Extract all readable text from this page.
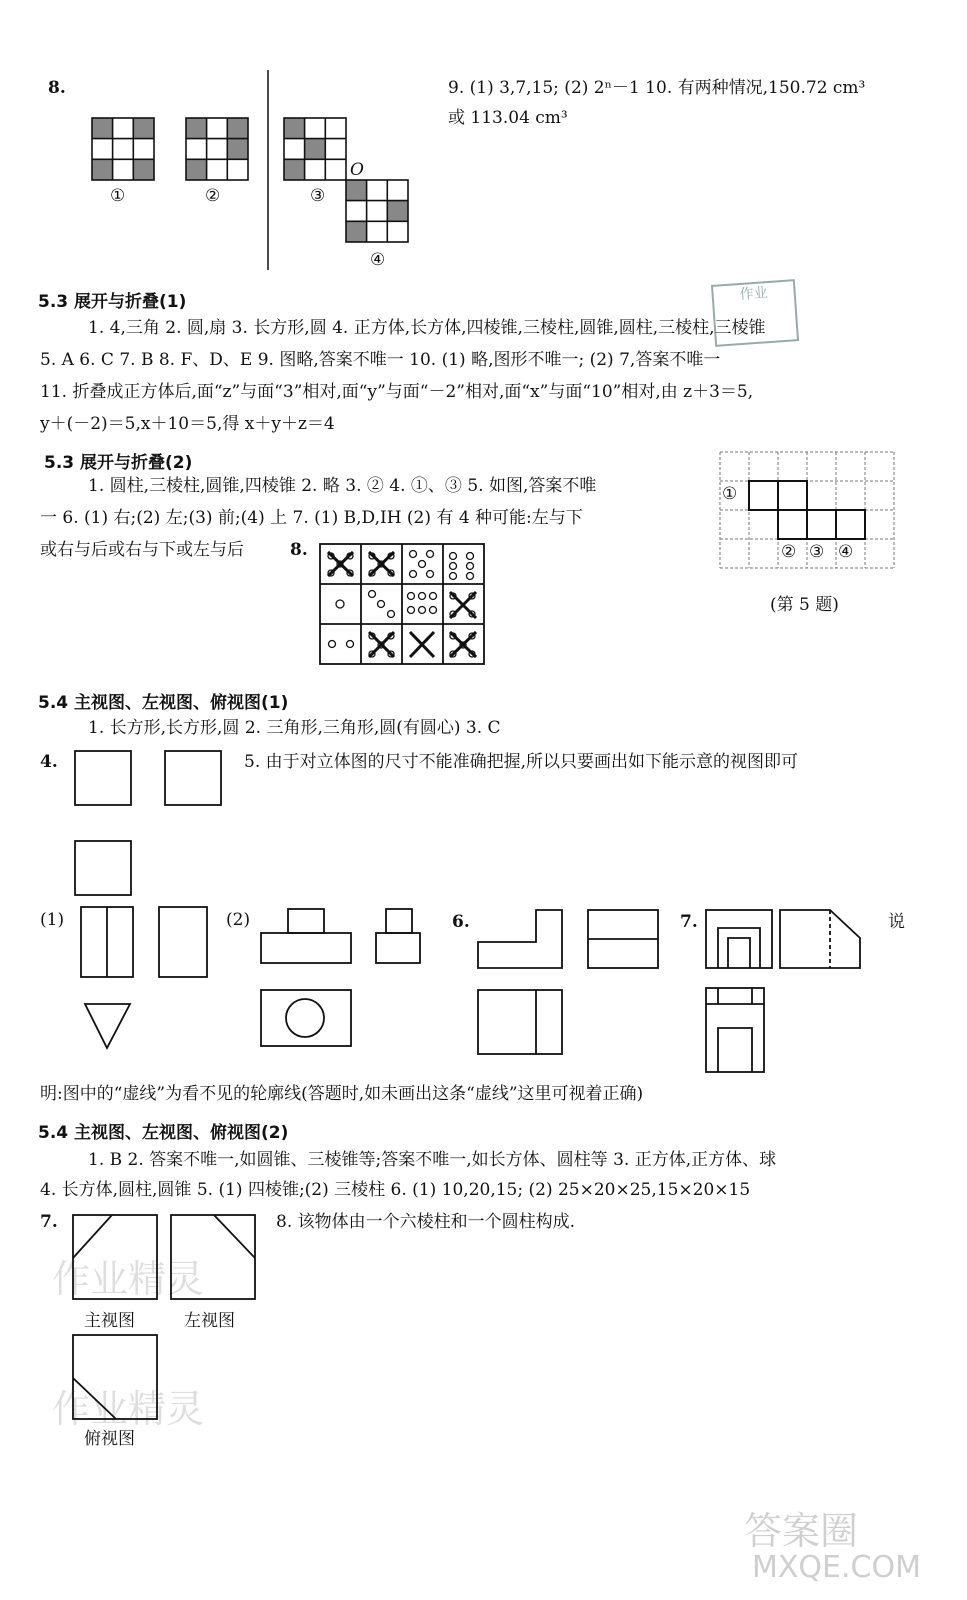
8.
①	②	③
O
④
9. (1) 3,7,15; (2) 2ⁿ－1 10. 有两种情况,150.72 cm³
或 113.04 cm³
5.3 展开与折叠(1)	作业
1. 4,三角 2. 圆,扇 3. 长方形,圆 4. 正方体,长方体,四棱锥,三棱柱,圆锥,圆柱,三棱柱,三棱锥
5. A 6. C 7. B 8. F、D、E 9. 图略,答案不唯一 10. (1) 略,图形不唯一; (2) 7,答案不唯一
11. 折叠成正方体后,面“z”与面“3”相对,面“y”与面“－2”相对,面“x”与面“10”相对,由 z＋3＝5,
y＋(－2)＝5,x＋10＝5,得 x＋y＋z＝4
5.3 展开与折叠(2)
1. 圆柱,三棱柱,圆锥,四棱锥 2. 略 3. ② 4. ①、③ 5. 如图,答案不唯
一 6. (1) 右;(2) 左;(3) 前;(4) 上 7. (1) B,D,IH (2) 有 4 种可能:左与下
或右与后或右与下或左与后	8.
①
② ③ ④
(第 5 题)
5.4 主视图、左视图、俯视图(1)
1. 长方形,长方形,圆 2. 三角形,三角形,圆(有圆心) 3. C
4.	5. 由于对立体图的尺寸不能准确把握,所以只要画出如下能示意的视图即可
(1)	(2)	6.	7.	说
明:图中的“虚线”为看不见的轮廓线(答题时,如未画出这条“虚线”这里可视着正确)
5.4 主视图、左视图、俯视图(2)
1. B 2. 答案不唯一,如圆锥、三棱锥等;答案不唯一,如长方体、圆柱等 3. 正方体,正方体、球
4. 长方体,圆柱,圆锥 5. (1) 四棱锥;(2) 三棱柱 6. (1) 10,20,15; (2) 25×20×25,15×20×15
7.	8. 该物体由一个六棱柱和一个圆柱构成.
作业精灵
主视图	左视图
作业精灵
俯视图
答案圈
MXQE.COM
